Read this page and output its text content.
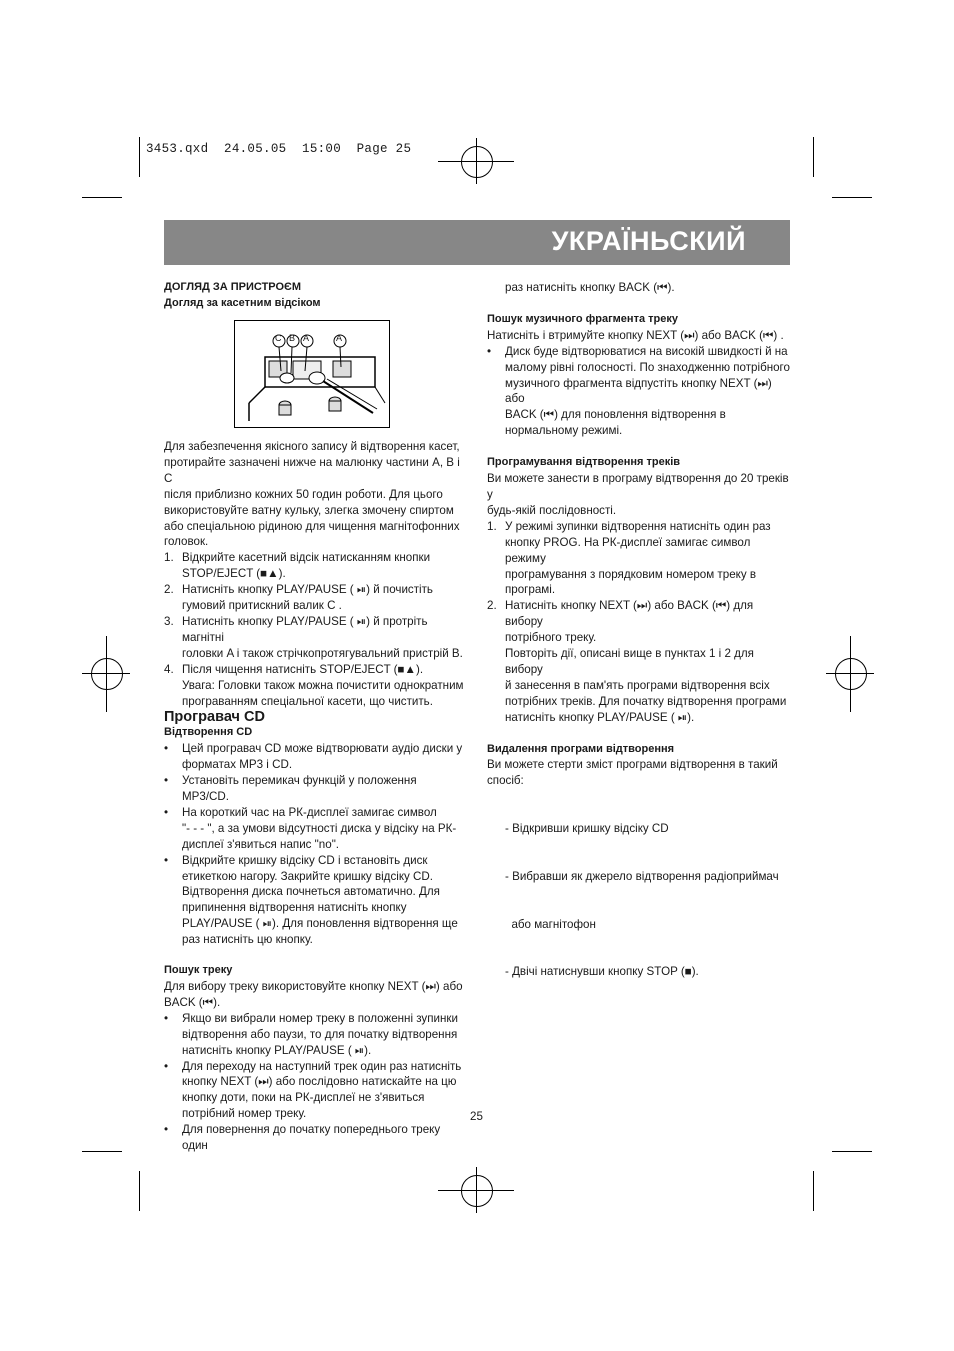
3453.qxd  24.05.05  15:00  Page 25
УКРАЇНЬСКИЙ

ДОГЛЯД ЗА ПРИСТРОЄМ

Догляд за касетним відсіком

C B A	A

Для забезпечення якісного запису й відтворення касет,

протирайте зазначені нижче на малюнку частини A, B і C

після приблизно кожних 50 годин роботи. Для цього

використовуйте ватну кульку, злегка змочену спиртом

або спеціальною рідиною для чищення магнітофонних

головок.

1. Відкрийте касетний відсік натисканням кнопки

STOP/EJECT (■▲).

2. Натисніть кнопку PLAY/PAUSE ( ⏯) й почистіть

гумовий притискний валик C .

3. Натисніть кнопку PLAY/PAUSE ( ⏯) й протріть магнітні

головки A і також стрічкопротягувальний пристрій B.

4. Після чищення натисніть STOP/EJECT (■▲).

Увага: Головки також можна почистити однократним

програванням спеціальної касети, що чистить.

Програвач CD

Відтворення CD

• Цей програвач CD може відтворювати аудіо диски у

форматах MP3 і CD.

• Установіть перемикач функцій у положення MP3/CD.

• На короткий час на РК-дисплеї замигає символ

"- - - ", а за умови відсутності диска у відсіку на РК-

дисплеї з'явиться напис "no".

• Відкрийте кришку відсіку CD і встановіть диск

етикеткою нагору. Закрийте кришку відсіку CD.

Відтворення диска почнеться автоматично. Для

припинення відтворення натисніть кнопку

PLAY/PAUSE ( ⏯). Для поновлення відтворення ще

раз натисніть цю кнопку.

Пошук треку

Для вибору треку використовуйте кнопку NEXT (⏭) або

BACK (⏮).

• Якщо ви вибрали номер треку в положенні зупинки

відтворення або паузи, то для початку відтворення

натисніть кнопку PLAY/PAUSE ( ⏯).

• Для переходу на наступний трек один раз натисніть

кнопку NEXT (⏭) або послідовно натискайте на цю

кнопку доти, поки на РК-дисплеї не з'явиться

потрібний номер треку.

• Для повернення до початку попереднього треку один

раз натисніть кнопку BACK (⏮).

Пошук музичного фрагмента треку

Натисніть і втримуйте кнопку NEXT (⏭) або BACK (⏮) .

• Диск буде відтворюватися на високій швидкості й на

малому рівні голосності. По знаходженню потрібного

музичного фрагмента відпустіть кнопку NEXT (⏭) або

BACK (⏮) для поновлення відтворення в

нормальному режимі.

Програмування відтворення треків

Ви можете занести в програму відтворення до 20 треків у

будь-якій послідовності.

1. У режимі зупинки відтворення натисніть один раз

кнопку PROG. На РК-дисплеї замигає символ режиму

програмування з порядковим номером треку в

програмі.

2. Натисніть кнопку NEXT (⏭) або BACK (⏮) для вибору

потрібного треку.

Повторіть дії, описані вище в пунктах 1 і 2 для вибору

й занесення в пам'ять програми відтворення всіх

потрібних треків. Для початку відтворення програми

натисніть кнопку PLAY/PAUSE ( ⏯).

Видалення програми відтворення

Ви можете стерти зміст програми відтворення в такий

спосіб:

- Відкривши кришку відсіку CD

- Вибравши як джерело відтворення радіоприймач

або магнітофон

- Двічі натиснувши кнопку STOP (■).

25
